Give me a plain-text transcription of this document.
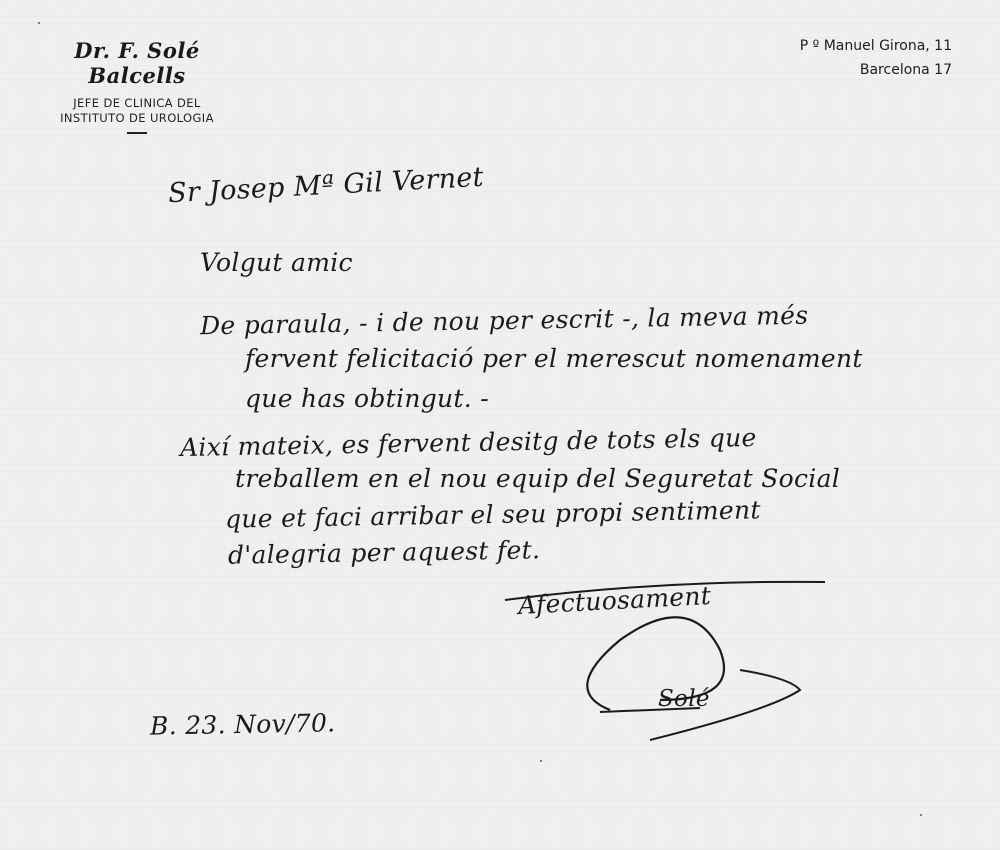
Dr. F. Solé Balcells
JEFE DE CLINICA DEL
INSTITUTO DE UROLOGIA
P º Manuel Girona, 11
Barcelona 17
Sr Josep Mª Gil Vernet
Volgut amic
De paraula, - i de nou per escrit -, la meva més
fervent felicitació per el merescut nomenament
que has obtingut. -
Així mateix, es fervent desitg de tots els que
treballem en el nou equip del Seguretat Social
que et faci arribar el seu propi sentiment
d'alegria per aquest fet.
Afectuosament
Solé
B. 23. Nov/70.
